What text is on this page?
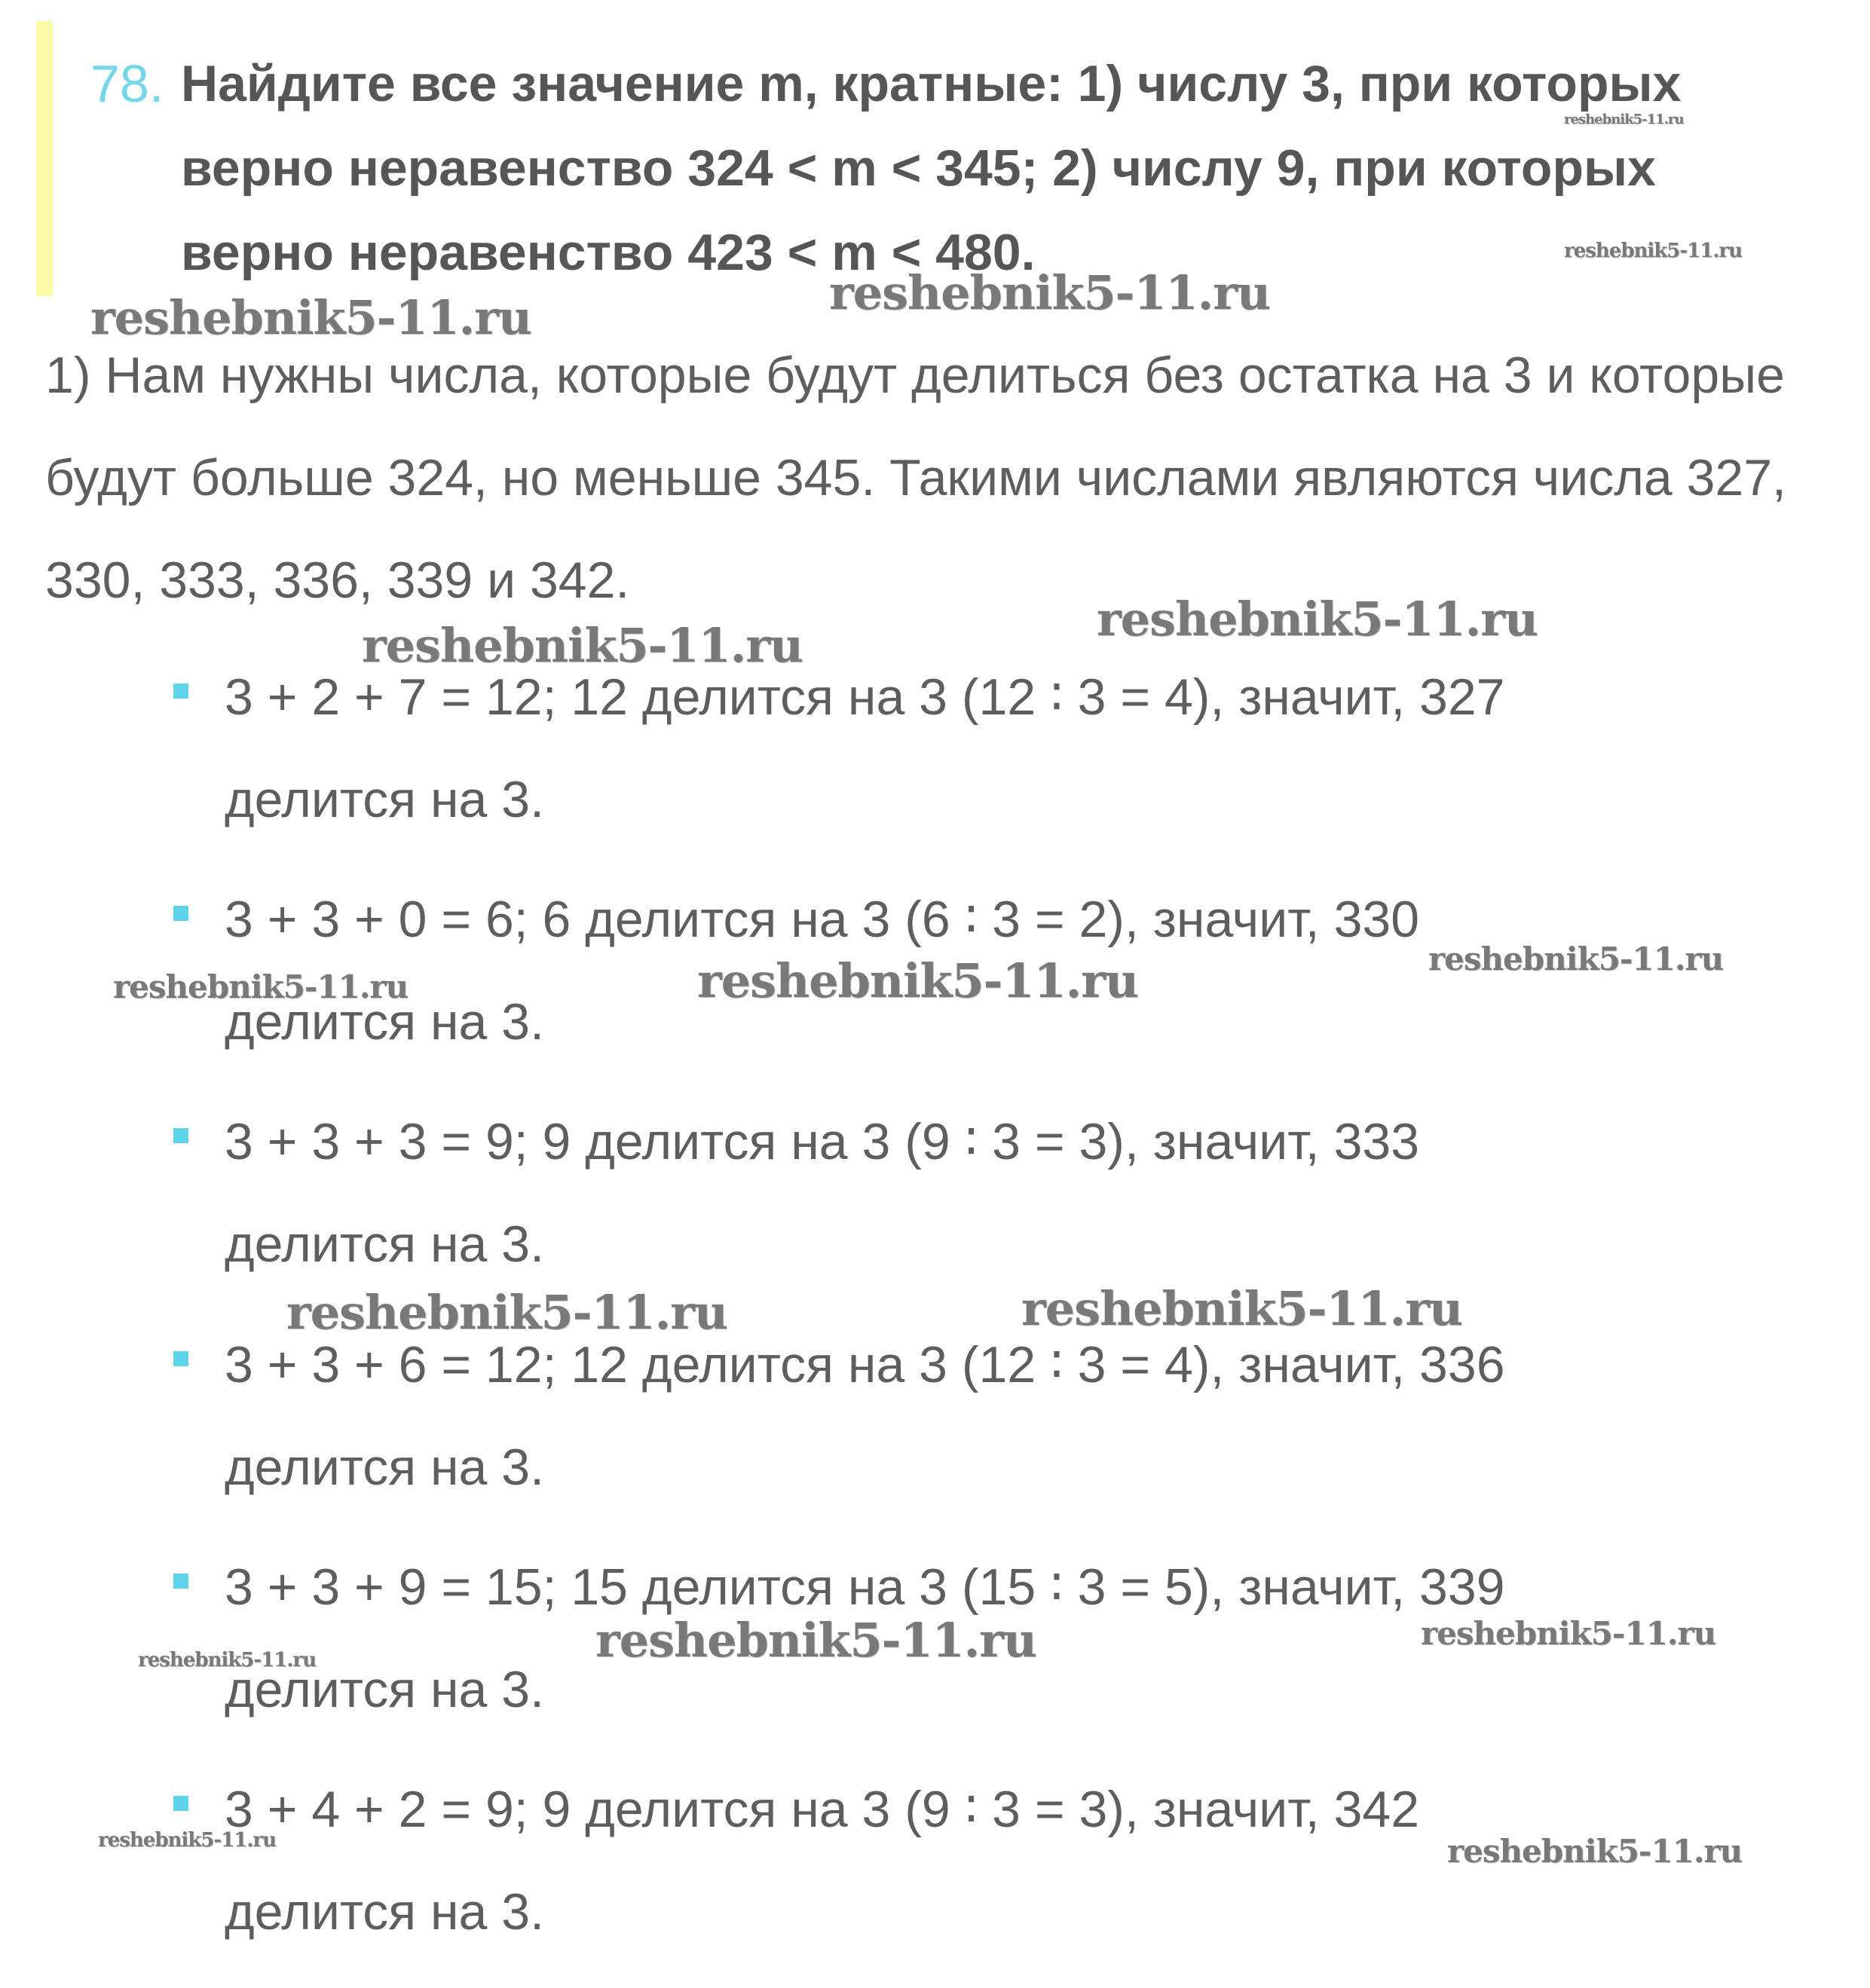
78. Найдите все значение m, кратные: 1) числу 3, при которых верно неравенство 324 < m < 345; 2) числу 9, при которых верно неравенство 423 < m < 480.
1) Нам нужны числа, которые будут делиться без остатка на 3 и которые будут больше 324, но меньше 345. Такими числами являются числа 327, 330, 333, 336, 339 и 342.
3 + 2 + 7 = 12; 12 делится на 3 (12 ∶ 3 = 4), значит, 327
делится на 3.
3 + 3 + 0 = 6; 6 делится на 3 (6 ∶ 3 = 2), значит, 330
делится на 3.
3 + 3 + 3 = 9; 9 делится на 3 (9 ∶ 3 = 3), значит, 333
делится на 3.
3 + 3 + 6 = 12; 12 делится на 3 (12 ∶ 3 = 4), значит, 336
делится на 3.
3 + 3 + 9 = 15; 15 делится на 3 (15 ∶ 3 = 5), значит, 339
делится на 3.
3 + 4 + 2 = 9; 9 делится на 3 (9 ∶ 3 = 3), значит, 342
делится на 3.
reshebnik5-11.ru
reshebnik5-11.ru
reshebnik5-11.ru	reshebnik5-11.ru
reshebnik5-11.ru	reshebnik5-11.ru
reshebnik5-11.ru	reshebnik5-11.ru	reshebnik5-11.ru
reshebnik5-11.ru	reshebnik5-11.ru
reshebnik5-11.ru	reshebnik5-11.ru	reshebnik5-11.ru
reshebnik5-11.ru	reshebnik5-11.ru
